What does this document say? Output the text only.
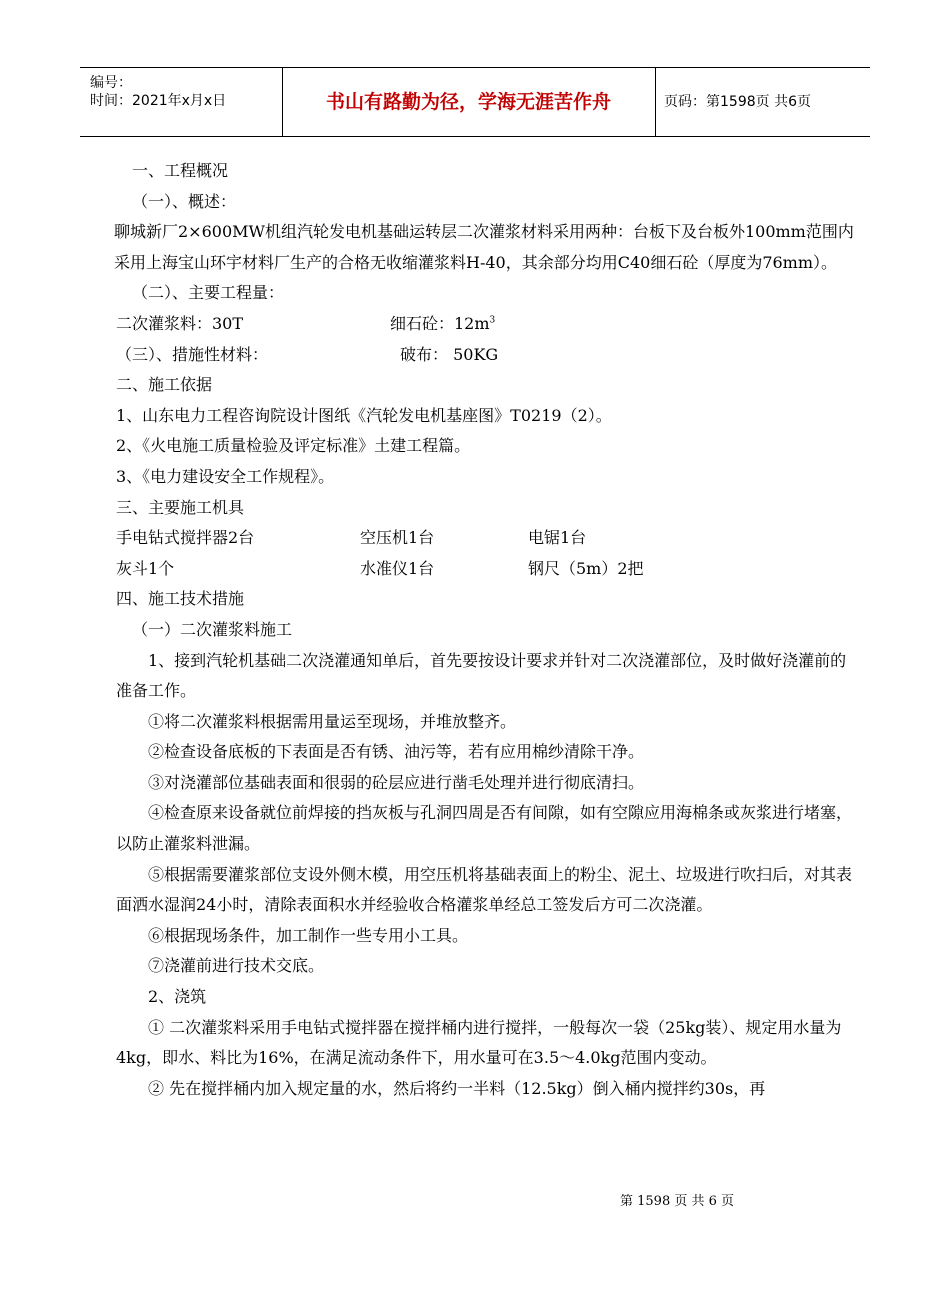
编号：
时间：2021年x月x日	书山有路勤为径，学海无涯苦作舟	页码：第1598页 共6页

一、工程概况

（一）、概述：

聊城新厂2×600MW机组汽轮发电机基础运转层二次灌浆材料采用两种：台板下及台板外100mm范围内采用上海宝山环宇材料厂生产的合格无收缩灌浆料H-40，其余部分均用C40细石砼（厚度为76mm）。

（二）、主要工程量：

二次灌浆料：30T	细石砼：$12m^3$

（三）、措施性材料：	破布： 50KG

二、施工依据

1、山东电力工程咨询院设计图纸《汽轮发电机基座图》T0219（2）。

2、《火电施工质量检验及评定标准》土建工程篇。

3、《电力建设安全工作规程》。

三、主要施工机具

手电钻式搅拌器2台	空压机1台	电锯1台

灰斗1个	水准仪1台	钢尺（5m）2把

四、施工技术措施

（一）二次灌浆料施工

1、接到汽轮机基础二次浇灌通知单后，首先要按设计要求并针对二次浇灌部位，及时做好浇灌前的准备工作。

①将二次灌浆料根据需用量运至现场，并堆放整齐。

②检查设备底板的下表面是否有锈、油污等，若有应用棉纱清除干净。

③对浇灌部位基础表面和很弱的砼层应进行凿毛处理并进行彻底清扫。

④检查原来设备就位前焊接的挡灰板与孔洞四周是否有间隙，如有空隙应用海棉条或灰浆进行堵塞，以防止灌浆料泄漏。

⑤根据需要灌浆部位支设外侧木模，用空压机将基础表面上的粉尘、泥土、垃圾进行吹扫后，对其表面洒水湿润24小时，清除表面积水并经验收合格灌浆单经总工签发后方可二次浇灌。

⑥根据现场条件，加工制作一些专用小工具。

⑦浇灌前进行技术交底。

2、浇筑

① 二次灌浆料采用手电钻式搅拌器在搅拌桶内进行搅拌，一般每次一袋（25kg装）、规定用水量为4kg，即水、料比为16%，在满足流动条件下，用水量可在3.5～4.0kg范围内变动。

② 先在搅拌桶内加入规定量的水，然后将约一半料（12.5kg）倒入桶内搅拌约30s，再

第 1598 页 共 6 页
